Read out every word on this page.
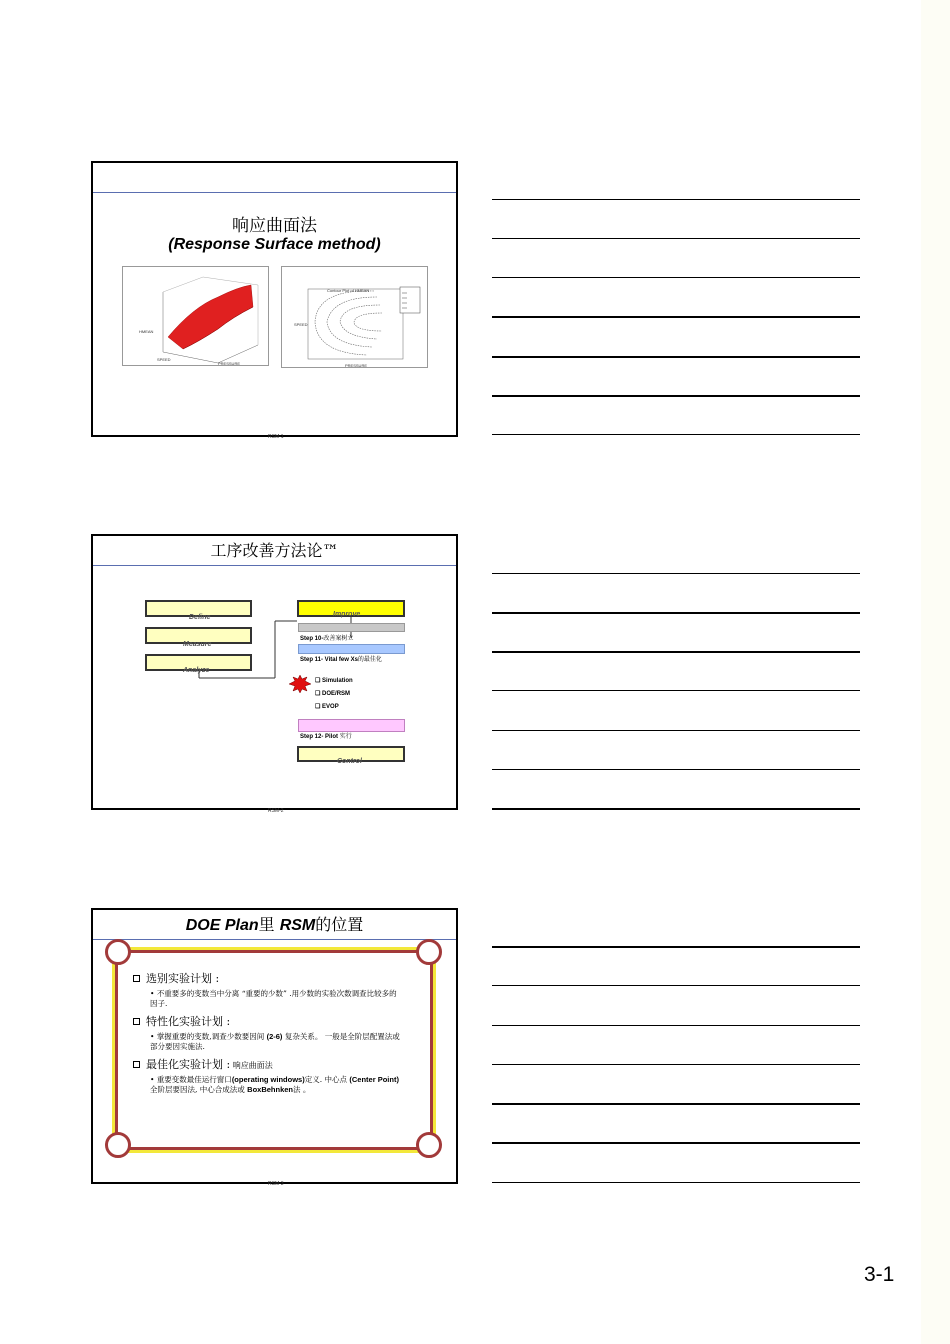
响应曲面法
(Response Surface method)
HMEAN
SPEED
PRESSURE
Contour Plot of HMEAN
SPEED
PRESSURE
RSM-1
工序改善方法论™
Define
Measure
Analyze
Improve
Step 10-改善案树立
Step 11- Vital few Xs的最佳化
❑ Simulation
❑ DOE/RSM
❑ EVOP
Step 12- Pilot 实行
Control
RSM-2
DOE Plan里 RSM的位置
选别实验计划 :
• 不重要多的变数当中分离 “重要的少数” .用少数的实验次数调查比较多的因子.
特性化实验计划 :
• 掌握重要的变数,调查少数要因间 (2-6) 复杂关系。 一般是全阶层配置法或部分要因实施法.
最佳化实验计划 : 响应曲面法
• 重要变数最佳运行窗口(operating windows)定义. 中心点 (Center Point)全阶层要因法, 中心合成法或 BoxBehnken法 。
RSM-3
3-1
